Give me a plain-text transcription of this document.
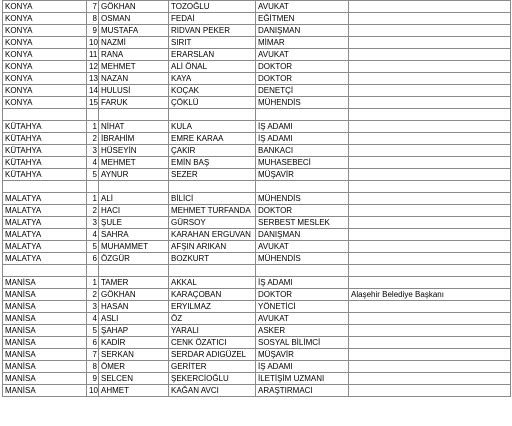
KONYA	7	GÖKHAN	TOZOĞLU	AVUKAT	
KONYA	8	OSMAN	FEDAİ	EĞİTMEN	
KONYA	9	MUSTAFA	RIDVAN PEKER	DANIŞMAN	
KONYA	10	NAZMİ	SIRIT	MİMAR	
KONYA	11	RANA	ERARSLAN	AVUKAT	
KONYA	12	MEHMET	ALİ ÖNAL	DOKTOR	
KONYA	13	NAZAN	KAYA	DOKTOR	
KONYA	14	HULUSİ	KOÇAK	DENETÇİ	
KONYA	15	FARUK	ÇÖKLÜ	MÜHENDİS	

KÜTAHYA	1	NİHAT	KULA	İŞ ADAMI	
KÜTAHYA	2	İBRAHİM	EMRE KARAA	İŞ ADAMI	
KÜTAHYA	3	HÜSEYİN	ÇAKIR	BANKACI	
KÜTAHYA	4	MEHMET	EMİN BAŞ	MUHASEBECİ	
KÜTAHYA	5	AYNUR	SEZER	MÜŞAVİR	

MALATYA	1	ALİ	BİLİCİ	MÜHENDİS	
MALATYA	2	HACI	MEHMET TURFANDA	DOKTOR	
MALATYA	3	ŞULE	GÜRSOY	SERBEST MESLEK	
MALATYA	4	SAHRA	KARAHAN ERGUVAN	DANIŞMAN	
MALATYA	5	MUHAMMET	AFŞIN ARIKAN	AVUKAT	
MALATYA	6	ÖZGÜR	BOZKURT	MÜHENDİS	

MANİSA	1	TAMER	AKKAL	İŞ ADAMI	
MANİSA	2	GÖKHAN	KARAÇOBAN	DOKTOR	Alaşehir Belediye Başkanı
MANİSA	3	HASAN	ERYILMAZ	YÖNETİCİ	
MANİSA	4	ASLI	ÖZ	AVUKAT	
MANİSA	5	ŞAHAP	YARALI	ASKER	
MANİSA	6	KADİR	CENK ÖZATICI	SOSYAL BİLİMCİ	
MANİSA	7	SERKAN	SERDAR ADIGÜZEL	MÜŞAVİR	
MANİSA	8	ÖMER	GERİTER	İŞ ADAMI	
MANİSA	9	SELCEN	ŞEKERCİOĞLU	İLETİŞİM UZMANI	
MANİSA	10	AHMET	KAĞAN AVCI	ARAŞTIRMACI	
